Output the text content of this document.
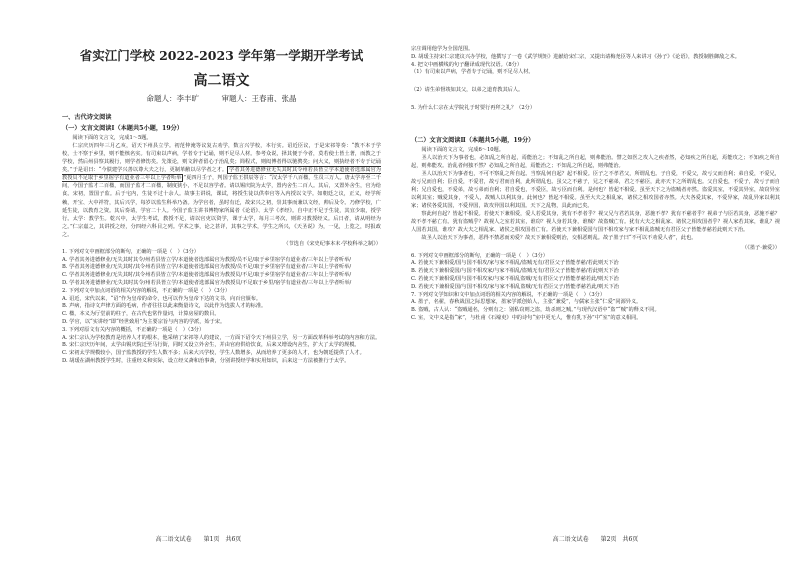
省实江门学校 2022-2023 学年第一学期开学考试
高二语文
命题人：李丰旷　　　审题人：王春甫、张晶
一、古代诗文阅读
（一）文言文阅读Ⅰ（本题共5小题，19分）

阅读下面的文言文，完成1～5题。

仁宗庆历四年三月乙亥，诏天下州县立学。初范仲淹等议复古劝学，数言兴学校，本行实。诏近臣议，于是宋祁等奏：“教不本于学校，士不察于乡里，则不能核名实。有司束以声病，学者专于记诵，则不足尽人材。参考众说，择其便于今者，莫若使士皆土著，而教之于学校，然后州县察其履行，则学者修饬矣。先策论，则文辞者留心于治乱矣；简程式，则闳博者得以驰骋矣；问大义，则执经者不专于记诵矣。”于是诏曰：“今朕建学兴善以尊大夫之行，更制革敝以尽学者之才。 学者其务进德修业无失其时其令州若县皆立学本道使者选部属官为教授员不足取于乡里宿学有道业者三年以上学者听举 ”夏四月壬子，判国子监王拱辰等言：“汉太学千八百楹，生员三万人。唐太学亦至二千间，今国子监才二百楹，而国子监才二百楹，制度狭小，不足以容学者。请以锡庆院为太学，置内舍生二百人。其后，又置外舍生，官为给食。宋初，置国子监。后于宅内，生徒不过十余人。故事主讲说，课试，将授生徒以供奉官等入内授以文学。如朝廷之议，正义，经学所赖，开宝、大中祥符，其后兴学，每岁以监生科举乃备。为学官者，虽时有迁，故宋兴之初，崇其事而兼以文经，帅后及令。乃修学校，广延生徒，以教育之资。其后奏请，学官二十人。今国子监主讲书博物家所属者《论语》、太学《孝经》。自中正不足于生徒，其宜少取，授学行。太学：教学生。乾兴中，太学生考试，教授不足，请以官吏以资学，课于太学，每月三考次，则讲习教授经义。后日者，请从明经为之。”仁宗嘉之，其讲授之经，分四经六科目之列。学术之事，论之甚详，其事之学术，学生之所兴，《天圣说》为，一见，上览之，时报政之。

（节选自《宋史纪事本末·学校科举之制》）

1. 下列对文中画框部分的断句，正确的一项是（　）（3分）

A. 学者其务进德修业/无失其时其令/州若县皆立学/本道使者选部属官为教授/员不足/取于乡里宿学有道业者/三年以上学者听举/

B. 学者其务进德修业/无失其时/其令州若县皆立学/本道使者选部属官为教授/员不足/取于乡里宿学有道业者/三年以上学者听举/

C. 学者其务进德修业/无失其时/其令州若县皆立学/本道使者选部属官为教授员/不足/取于乡里宿学有道业者/三年以上学者听举/

D. 学者其务进德修业/无失其时其令/州若县皆立学/本道使者选部属官为教授员/不足取于乡里/宿学有道业者/三年以上学者听举/

2. 下列对文中加点词语的相关内容的解说，不正确的一项是（　）（3分）

A. 诏近，宋代以来，“诏”作为皇帝的命令，也可以作为皇帝下达的文书，向百官颁布。

B. 声病，指诗文声律方面的毛病，作者往往以此来衡量诗文，以此作为选拔人才的标准。

C. 楹，本义为厅堂前的柱子，在古代也常作量词，计算房屋的数目。

D. 学官，以“实讲经”即“经世致用”为主要宗旨与内容的学派，始于宋。

3. 下列对原文有关内容的概括，不正确的一项是（　）（3分）

A. 宋仁宗认为学校教育是培养人才的根本，他采纳了宋祁等人的建议，一方面下诏令天下州县立学，另一方面改革科举考试的内容和方法。

B. 宋仁宗庆历年间，太学由锡庆院迁至马行街，同时又设立外舍生，并由官府供给饮食，后来又增设内舍生，扩大了太学的规模。

C. 宋初太学规模较小，国子监教授的学生人数不多；后来大兴学校，学生人数增多，从而培养了更多的人才，也为朝廷提供了人才。

D. 胡瑗在湖州教授学生时，注重经义和实际，设立经义斋和治事斋，分别讲授经学和实用知识，后来这一方法被推行于太学。

高二语文试卷　　第1页　共6页

宗庄调用他学为全国范围。

D. 胡瑗主持宋仁宗建议兴办学校，他撰写了一卷《武学规矩》进献给宋仁宗，又提出请梅尧臣等人来讲习《孙子》《论语》，教授制胜御敌之术。

4. 把文中画横线的句子翻译成现代汉语。（8分）

（1）有司束以声病，学者专于记诵，则不足尽人材。

（2）请生弟督竣如其父，以弟之道育教其后人。

5. 为什么仁宗在太学院礼于时要行再拜之礼？（2分）

（二）文言文阅读Ⅱ（本题共5小题，19分）

阅读下面的文言文，完成6～10题。

圣人以治天下为事者也，必知乱之所自起，焉能治之；不知乱之所自起，则弗能治。譬之如医之攻人之疾者然，必知疾之所自起，焉能攻之；不知疾之所自起，则弗能攻。治乱者何独不然？必知乱之所自起，焉能治之；不知乱之所自起，则弗能治。

圣人以治天下为事者也，不可不察乱之所自起。当察乱何自起？起不相爱。臣子之不孝君父，所谓乱也。子自爱，不爱父，故亏父而自利；弟自爱，不爱兄，故亏兄而自利；臣自爱，不爱君，故亏君而自利，此所谓乱也。虽父之不慈子，兄之不慈弟，君之不慈臣，此亦天下之所谓乱也。父自爱也，不爱子，故亏子而自利；兄自爱也，不爱弟，故亏弟而自利；君自爱也，不爱臣，故亏臣而自利。是何也？皆起不相爱。虽至天下之为盗贼者亦然。盗爱其室，不爱其异室，故窃异室以利其室；贼爱其身，不爱人，故贼人以利其身。此何也？皆起不相爱。虽至大夫之相乱家，诸侯之相攻国者亦然。大夫各爱其家，不爱异家，故乱异家以利其家；诸侯各爱其国，不爱异国，故攻异国以利其国。天下之乱物，具此而已矣。

察此何自起？皆起不相爱。若使天下兼相爱，爱人若爱其身，犹有不孝者乎？视父兄与君若其身，恶施不孝？犹有不慈者乎？视弟子与臣若其身，恶施不慈？故不孝不慈亡有。犹有盗贼乎？故视人之室若其室，谁窃？视人身若其身，谁贼？故盗贼亡有。犹有大夫之相乱家、诸侯之相攻国者乎？视人家若其家，谁乱？视人国若其国，谁攻？故大夫之相乱家、诸侯之相攻国者亡有。若使天下兼相爱国与国不相攻家与家不相乱盗贼无有君臣父子皆能孝慈若此则天下治。

故圣人以治天下为事者，恶得不禁恶而劝爱？故天下兼相爱则治，交相恶则乱。故子墨子曰“不可以不劝爱人者”，此也。

（《墨子·兼爱》）

6. 下列对文中画框部分的断句，正确的一项是（　）（3分）

A. 若使天下兼相爱/国与国不相攻/家与家不相乱/盗贼无有/君臣父子皆能孝慈/若此则天下治

B. 若使天下兼相爱国/与国不相攻家/与家不相乱/盗贼无有/君臣父子皆能孝慈/若此则天下治

C. 若使天下兼相爱/国与国不相攻家/与家不相乱盗贼/无有君臣父子/皆能孝慈若此/则天下治

D. 若使天下兼相爱国/与国不相攻/家与家不相乱盗贼/无有君臣父子/皆能孝慈若此/则天下治

7. 下列对文学知识和文中加点词语的相关内容的解说，不正确的一项是（　）（3分）

A. 墨子，名翟，春秋战国之际思想家，墨家学派创始人，主张“兼爱”，与儒家主张“仁爱”同源异义。

B. 盗贼，古人认：“盗贼通名，分则有之：别私窃则之盗，劫杀则之贼。”与现代汉语中“盗”“贼”的释义不同。

C. 室，文中义是指“家”，与杜甫《石壕吏》中的诗句“室中更无人，惟有乳下孙”中“室”的意义相同。

高二语文试卷　　第2页　共6页
